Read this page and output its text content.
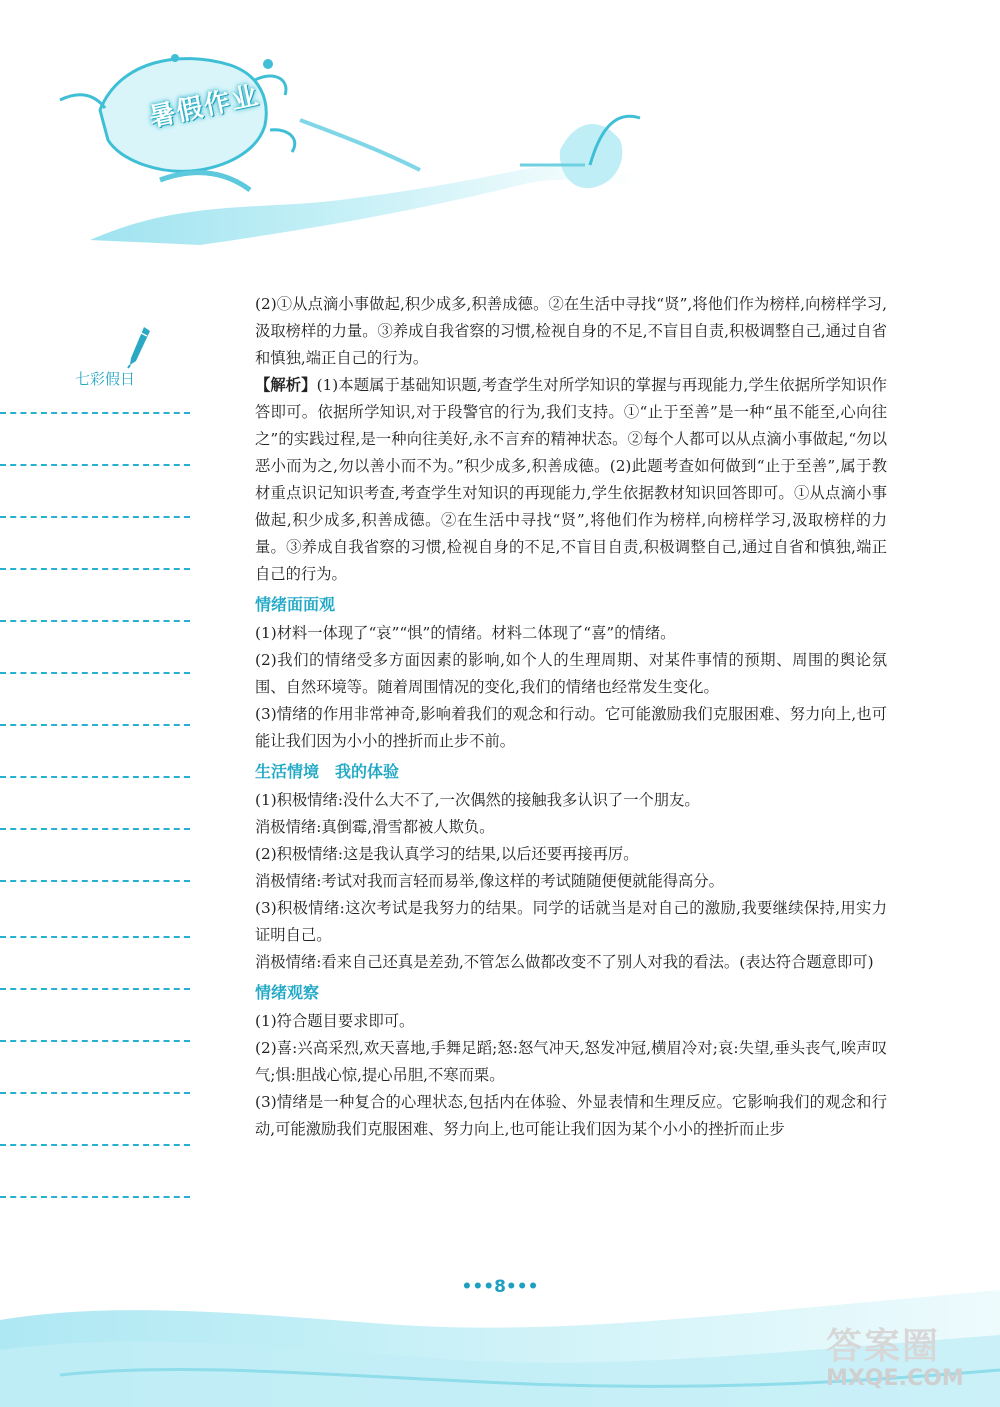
暑假作业
七彩假日

(2)①从点滴小事做起,积少成多,积善成德。②在生活中寻找“贤”,将他们作为榜样,向榜样学习,汲取榜样的力量。③养成自我省察的习惯,检视自身的不足,不盲目自责,积极调整自己,通过自省和慎独,端正自己的行为。

【解析】(1)本题属于基础知识题,考查学生对所学知识的掌握与再现能力,学生依据所学知识作答即可。依据所学知识,对于段警官的行为,我们支持。①“止于至善”是一种“虽不能至,心向往之”的实践过程,是一种向往美好,永不言弃的精神状态。②每个人都可以从点滴小事做起,“勿以恶小而为之,勿以善小而不为。”积少成多,积善成德。(2)此题考查如何做到“止于至善”,属于教材重点识记知识考查,考查学生对知识的再现能力,学生依据教材知识回答即可。①从点滴小事做起,积少成多,积善成德。②在生活中寻找“贤”,将他们作为榜样,向榜样学习,汲取榜样的力量。③养成自我省察的习惯,检视自身的不足,不盲目自责,积极调整自己,通过自省和慎独,端正自己的行为。

情绪面面观

(1)材料一体现了“哀”“惧”的情绪。材料二体现了“喜”的情绪。

(2)我们的情绪受多方面因素的影响,如个人的生理周期、对某件事情的预期、周围的舆论氛围、自然环境等。随着周围情况的变化,我们的情绪也经常发生变化。

(3)情绪的作用非常神奇,影响着我们的观念和行动。它可能激励我们克服困难、努力向上,也可能让我们因为小小的挫折而止步不前。

生活情境　我的体验

(1)积极情绪:没什么大不了,一次偶然的接触我多认识了一个朋友。

消极情绪:真倒霉,滑雪都被人欺负。

(2)积极情绪:这是我认真学习的结果,以后还要再接再厉。

消极情绪:考试对我而言轻而易举,像这样的考试随随便便就能得高分。

(3)积极情绪:这次考试是我努力的结果。同学的话就当是对自己的激励,我要继续保持,用实力证明自己。

消极情绪:看来自己还真是差劲,不管怎么做都改变不了别人对我的看法。(表达符合题意即可)

情绪观察

(1)符合题目要求即可。

(2)喜:兴高采烈,欢天喜地,手舞足蹈;怒:怒气冲天,怒发冲冠,横眉冷对;哀:失望,垂头丧气,唉声叹气;惧:胆战心惊,提心吊胆,不寒而栗。

(3)情绪是一种复合的心理状态,包括内在体验、外显表情和生理反应。它影响我们的观念和行动,可能激励我们克服困难、努力向上,也可能让我们因为某个小小的挫折而止步

•••8•••
答案圈
MXQE.COM
